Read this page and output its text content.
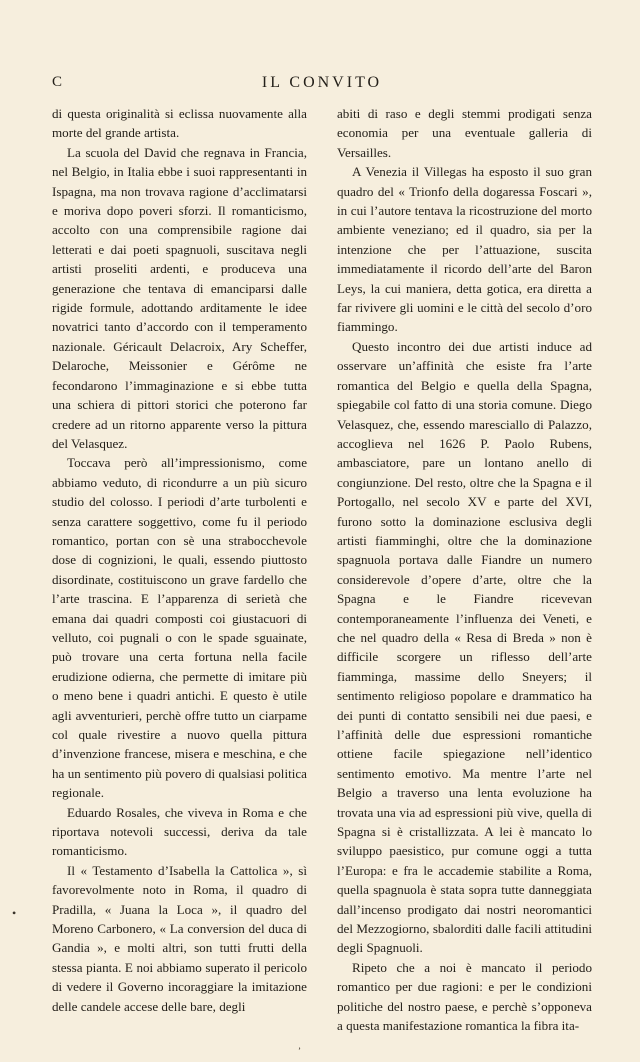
C	IL CONVITO

di questa originalità si eclissa nuovamente alla morte del grande artista.

La scuola del David che regnava in Francia, nel Belgio, in Italia ebbe i suoi rappresentanti in Ispagna, ma non trovava ragione d’acclimatarsi e moriva dopo poveri sforzi. Il romanticismo, accolto con una comprensibile ragione dai letterati e dai poeti spagnuoli, suscitava negli artisti proseliti ardenti, e produceva una generazione che tentava di emanciparsi dalle rigide formule, adottando arditamente le idee novatrici tanto d’accordo con il temperamento nazionale. Géricault Delacroix, Ary Scheffer, Delaroche, Meissonier e Gérôme ne fecondarono l’immaginazione e si ebbe tutta una schiera di pittori storici che poterono far credere ad un ritorno apparente verso la pittura del Velasquez.

Toccava però all’impressionismo, come abbiamo veduto, di ricondurre a un più sicuro studio del colosso. I periodi d’arte turbolenti e senza carattere soggettivo, come fu il periodo romantico, portan con sè una strabocchevole dose di cognizioni, le quali, essendo piuttosto disordinate, costituiscono un grave fardello che l’arte trascina. E l’apparenza di serietà che emana dai quadri composti coi giustacuori di velluto, coi pugnali o con le spade sguainate, può trovare una certa fortuna nella facile erudizione odierna, che permette di imitare più o meno bene i quadri antichi. E questo è utile agli avventurieri, perchè offre tutto un ciarpame col quale rivestire a nuovo quella pittura d’invenzione francese, misera e meschina, e che ha un sentimento più povero di qualsiasi politica regionale.

Eduardo Rosales, che viveva in Roma e che riportava notevoli successi, deriva da tale romanticismo.

Il « Testamento d’Isabella la Cattolica », sì favorevolmente noto in Roma, il quadro di Pradilla, « Juana la Loca », il quadro del Moreno Carbonero, « La conversion del duca di Gandia », e molti altri, son tutti frutti della stessa pianta. E noi abbiamo superato il pericolo di vedere il Governo incoraggiare la imitazione delle candele accese delle bare, degli

abiti di raso e degli stemmi prodigati senza economia per una eventuale galleria di Versailles.

A Venezia il Villegas ha esposto il suo gran quadro del « Trionfo della dogaressa Foscari », in cui l’autore tentava la ricostruzione del morto ambiente veneziano; ed il quadro, sia per la intenzione che per l’attuazione, suscita immediatamente il ricordo dell’arte del Baron Leys, la cui maniera, detta gotica, era diretta a far rivivere gli uomini e le città del secolo d’oro fiammingo.

Questo incontro dei due artisti induce ad osservare un’affinità che esiste fra l’arte romantica del Belgio e quella della Spagna, spiegabile col fatto di una storia comune. Diego Velasquez, che, essendo maresciallo di Palazzo, accoglieva nel 1626 P. Paolo Rubens, ambasciatore, pare un lontano anello di congiunzione. Del resto, oltre che la Spagna e il Portogallo, nel secolo XV e parte del XVI, furono sotto la dominazione esclusiva degli artisti fiamminghi, oltre che la dominazione spagnuola portava dalle Fiandre un numero considerevole d’opere d’arte, oltre che la Spagna e le Fiandre ricevevan contemporaneamente l’influenza dei Veneti, e che nel quadro della « Resa di Breda » non è difficile scorgere un riflesso dell’arte fiamminga, massime dello Sneyers; il sentimento religioso popolare e drammatico ha dei punti di contatto sensibili nei due paesi, e l’affinità delle due espressioni romantiche ottiene facile spiegazione nell’identico sentimento emotivo. Ma mentre l’arte nel Belgio a traverso una lenta evoluzione ha trovata una via ad espressioni più vive, quella di Spagna si è cristallizzata. A lei è mancato lo sviluppo paesistico, pur comune oggi a tutta l’Europa: e fra le accademie stabilite a Roma, quella spagnuola è stata sopra tutte danneggiata dall’incenso prodigato dai nostri neoromantici del Mezzogiorno, sbalorditi dalle facili attitudini degli Spagnuoli.

Ripeto che a noi è mancato il periodo romantico per due ragioni: e per le condizioni politiche del nostro paese, e perchè s’opponeva a questa manifestazione romantica la fibra ita-

•
ʼ
